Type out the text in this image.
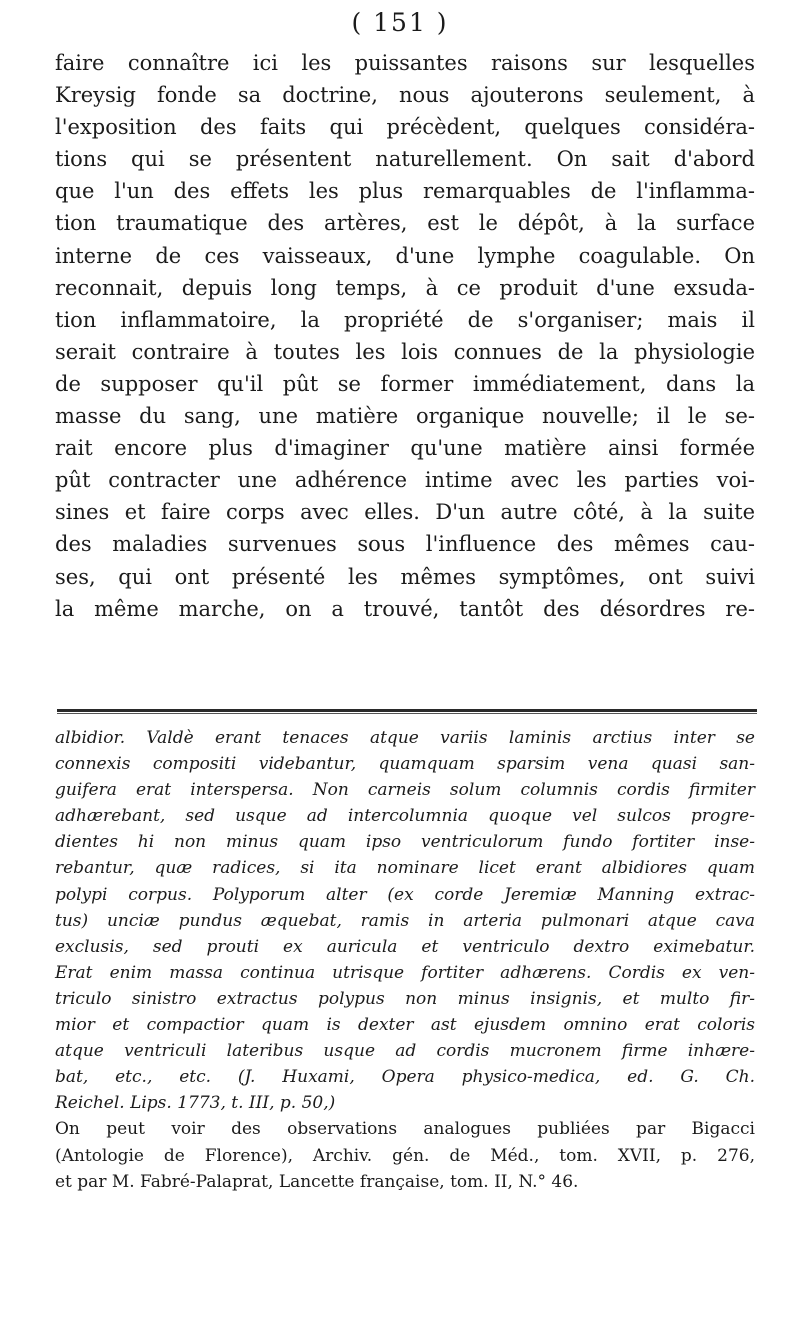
( 151 )
faire connaître ici les puissantes raisons sur lesquelles
Kreysig fonde sa doctrine, nous ajouterons seulement, à
l'exposition des faits qui précèdent, quelques considéra-
tions qui se présentent naturellement. On sait d'abord
que l'un des effets les plus remarquables de l'inflamma-
tion traumatique des artères, est le dépôt, à la surface
interne de ces vaisseaux, d'une lymphe coagulable. On
reconnait, depuis long temps, à ce produit d'une exsuda-
tion inflammatoire, la propriété de s'organiser; mais il
serait contraire à toutes les lois connues de la physiologie
de supposer qu'il pût se former immédiatement, dans la
masse du sang, une matière organique nouvelle; il le se-
rait encore plus d'imaginer qu'une matière ainsi formée
pût contracter une adhérence intime avec les parties voi-
sines et faire corps avec elles. D'un autre côté, à la suite
des maladies survenues sous l'influence des mêmes cau-
ses, qui ont présenté les mêmes symptômes, ont suivi
la même marche, on a trouvé, tantôt des désordres re-
albidior. Valdè erant tenaces atque variis laminis arctius inter se
connexis compositi videbantur, quamquam sparsim vena quasi san-
guifera erat interspersa. Non carneis solum columnis cordis firmiter
adhærebant, sed usque ad intercolumnia quoque vel sulcos progre-
dientes hi non minus quam ipso ventriculorum fundo fortiter inse-
rebantur, quæ radices, si ita nominare licet erant albidiores quam
polypi corpus. Polyporum alter (ex corde Jeremiæ Manning extrac-
tus) unciæ pundus æquebat, ramis in arteria pulmonari atque cava
exclusis, sed prouti ex auricula et ventriculo dextro eximebatur.
Erat enim massa continua utrisque fortiter adhærens. Cordis ex ven-
triculo sinistro extractus polypus non minus insignis, et multo fir-
mior et compactior quam is dexter ast ejusdem omnino erat coloris
atque ventriculi lateribus usque ad cordis mucronem firme inhære-
bat, etc., etc. (J. Huxami, Opera physico-medica, ed. G. Ch.
Reichel. Lips. 1773, t. III, p. 50,)
On peut voir des observations analogues publiées par Bigacci
(Antologie de Florence), Archiv. gén. de Méd., tom. XVII, p. 276,
et par M. Fabré-Palaprat, Lancette française, tom. II, N.° 46.
